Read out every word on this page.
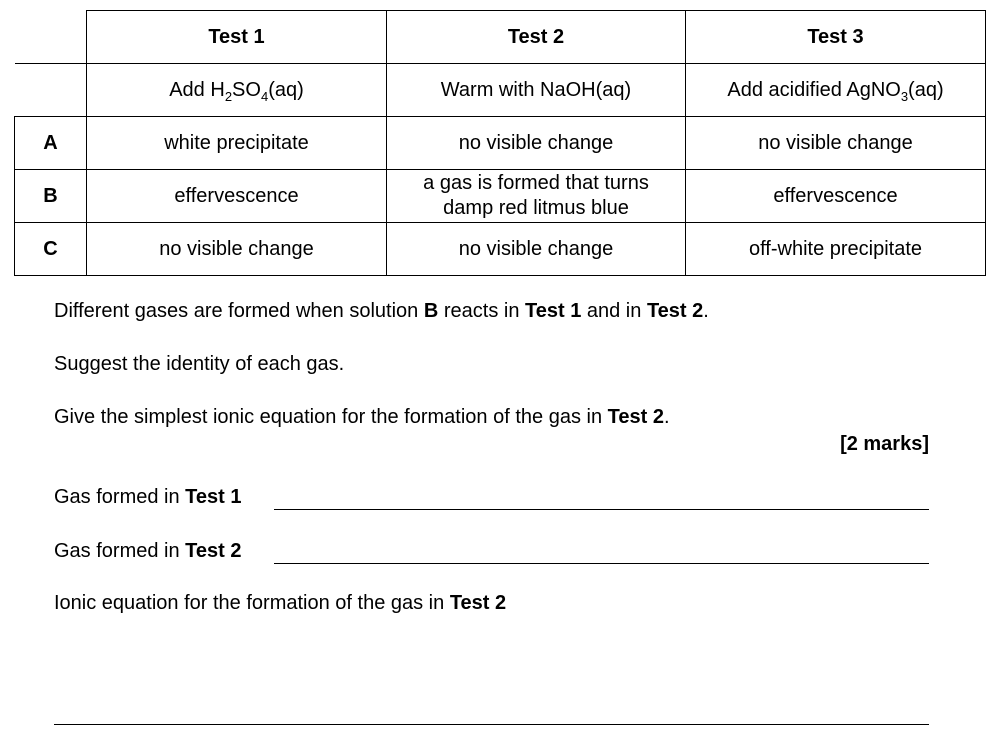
	Test 1	Test 2	Test 3
	Add $H_2SO_4(aq)$	Warm with NaOH(aq)	Add acidified AgNO$_3$(aq)
A	white precipitate	no visible change	no visible change
B	effervescence	a gas is formed that turns damp red litmus blue	effervescence
C	no visible change	no visible change	off-white precipitate
Different gases are formed when solution B reacts in Test 1 and in Test 2.
Suggest the identity of each gas.
Give the simplest ionic equation for the formation of the gas in Test 2.
[2 marks]
Gas formed in Test 1
Gas formed in Test 2
Ionic equation for the formation of the gas in Test 2
